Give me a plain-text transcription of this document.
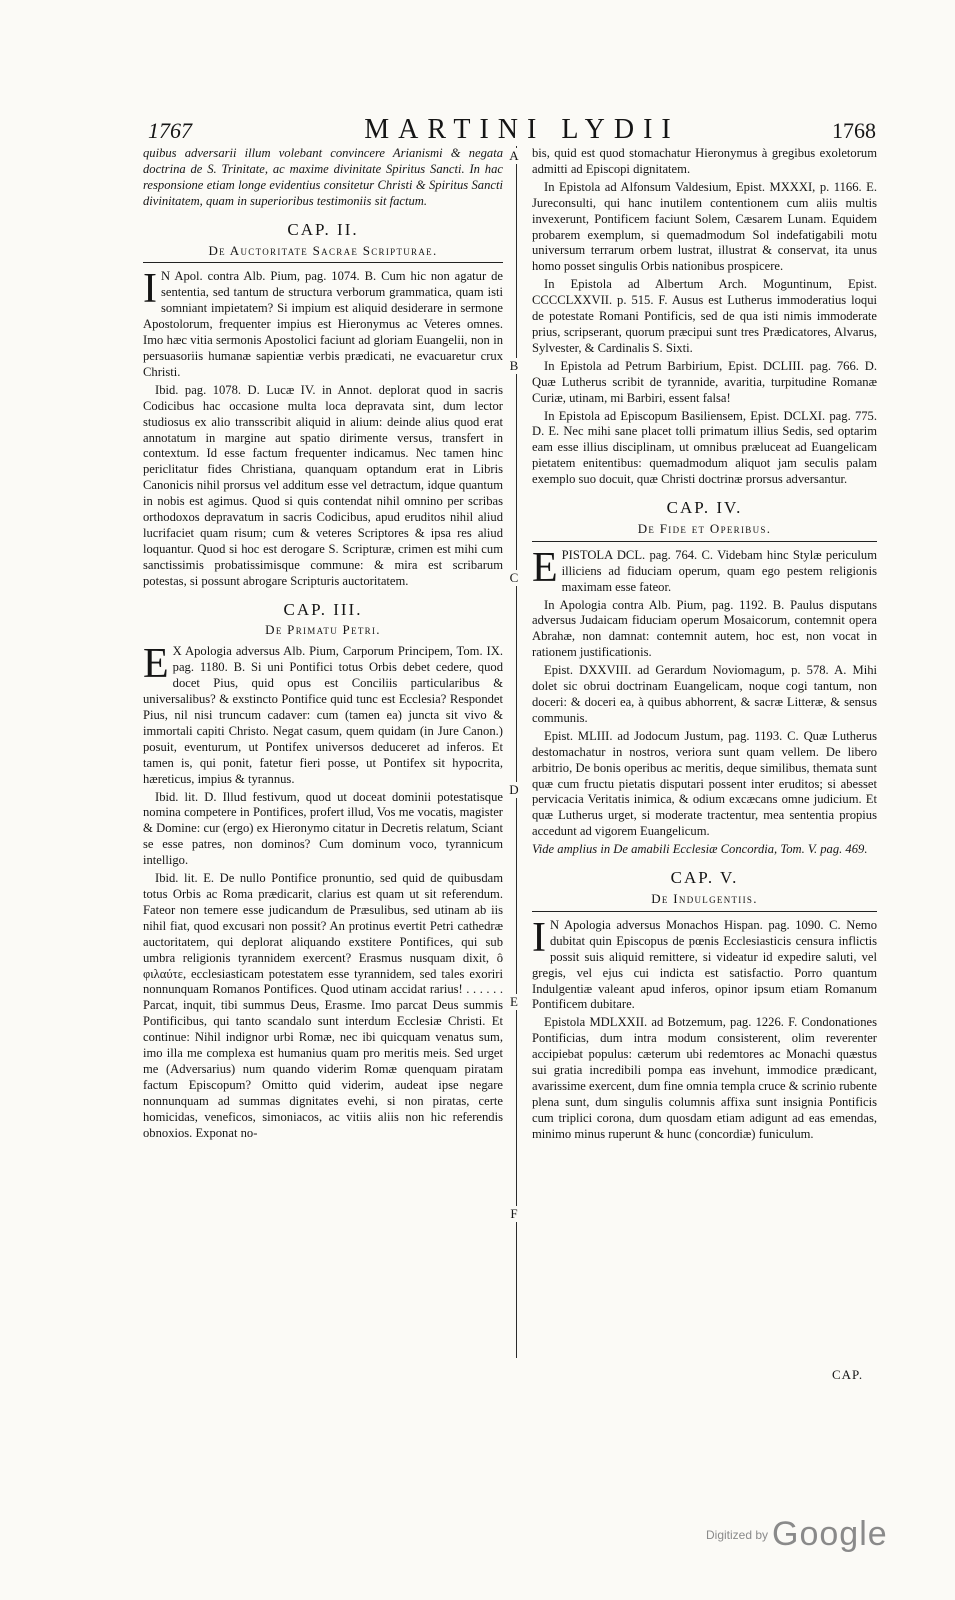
1767	MARTINI LYDII	1768
A
B
C
D
E
F

quibus adversarii illum volebant convincere Arianismi & negata doctrina de S. Trinitate, ac maxime divinitate Spiritus Sancti. In hac responsione etiam longe evidentius consitetur Christi & Spiritus Sancti divinitatem, quam in superioribus testimoniis sit factum.

CAP. II.
De Auctoritate Sacrae Scripturae.

I N Apol. contra Alb. Pium, pag. 1074. B. Cum hic non agatur de sententia, sed tantum de structura verborum grammatica, quam isti somniant impietatem? Si impium est aliquid desiderare in sermone Apostolorum, frequenter impius est Hieronymus ac Veteres omnes. Imo hæc vitia sermonis Apostolici faciunt ad gloriam Euangelii, non in persuasoriis humanæ sapientiæ verbis prædicati, ne evacuaretur crux Christi.

Ibid. pag. 1078. D. Lucæ IV. in Annot. deplorat quod in sacris Codicibus hac occasione multa loca depravata sint, dum lector studiosus ex alio transscribit aliquid in alium: deinde alius quod erat annotatum in margine aut spatio dirimente versus, transfert in contextum. Id esse factum frequenter indicamus. Nec tamen hinc periclitatur fides Christiana, quanquam optandum erat in Libris Canonicis nihil prorsus vel additum esse vel detractum, idque quantum in nobis est agimus. Quod si quis contendat nihil omnino per scribas orthodoxos depravatum in sacris Codicibus, apud eruditos nihil aliud lucrifaciet quam risum; cum & veteres Scriptores & ipsa res aliud loquantur. Quod si hoc est derogare S. Scripturæ, crimen est mihi cum sanctissimis probatissimisque commune: & mira est scribarum potestas, si possunt abrogare Scripturis auctoritatem.

CAP. III.
De Primatu Petri.

E X Apologia adversus Alb. Pium, Carporum Principem, Tom. IX. pag. 1180. B. Si uni Pontifici totus Orbis debet cedere, quod docet Pius, quid opus est Conciliis particularibus & universalibus? & exstincto Pontifice quid tunc est Ecclesia? Respondet Pius, nil nisi truncum cadaver: cum (tamen ea) juncta sit vivo & immortali capiti Christo. Negat casum, quem quidam (in Jure Canon.) posuit, eventurum, ut Pontifex universos deduceret ad inferos. Et tamen is, qui ponit, fatetur fieri posse, ut Pontifex sit hypocrita, hæreticus, impius & tyrannus.

Ibid. lit. D. Illud festivum, quod ut doceat dominii potestatisque nomina competere in Pontifices, profert illud, Vos me vocatis, magister & Domine: cur (ergo) ex Hieronymo citatur in Decretis relatum, Sciant se esse patres, non dominos? Cum dominum voco, tyrannicum intelligo.

Ibid. lit. E. De nullo Pontifice pronuntio, sed quid de quibusdam totus Orbis ac Roma prædicarit, clarius est quam ut sit referendum. Fateor non temere esse judicandum de Præsulibus, sed utinam ab iis nihil fiat, quod excusari non possit? An protinus evertit Petri cathedræ auctoritatem, qui deplorat aliquando exstitere Pontifices, qui sub umbra religionis tyrannidem exercent? Erasmus nusquam dixit, ô φιλαύτε, ecclesiasticam potestatem esse tyrannidem, sed tales exoriri nonnunquam Romanos Pontifices. Quod utinam accidat rarius! . . . . . . Parcat, inquit, tibi summus Deus, Erasme. Imo parcat Deus summis Pontificibus, qui tanto scandalo sunt interdum Ecclesiæ Christi. Et continue: Nihil indignor urbi Romæ, nec ibi quicquam venatus sum, imo illa me complexa est humanius quam pro meritis meis. Sed urget me (Adversarius) num quando viderim Romæ quenquam piratam factum Episcopum? Omitto quid viderim, audeat ipse negare nonnunquam ad summas dignitates evehi, si non piratas, certe homicidas, veneficos, simoniacos, ac vitiis aliis non hic referendis obnoxios. Exponat no-

bis, quid est quod stomachatur Hieronymus à gregibus exoletorum admitti ad Episcopi dignitatem.

In Epistola ad Alfonsum Valdesium, Epist. MXXXI, p. 1166. E. Jureconsulti, qui hanc inutilem contentionem cum aliis multis invexerunt, Pontificem faciunt Solem, Cæsarem Lunam. Equidem probarem exemplum, si quemadmodum Sol indefatigabili motu universum terrarum orbem lustrat, illustrat & conservat, ita unus homo posset singulis Orbis nationibus prospicere.

In Epistola ad Albertum Arch. Moguntinum, Epist. CCCCLXXVII. p. 515. F. Ausus est Lutherus immoderatius loqui de potestate Romani Pontificis, sed de qua isti nimis immoderate prius, scripserant, quorum præcipui sunt tres Prædicatores, Alvarus, Sylvester, & Cardinalis S. Sixti.

In Epistola ad Petrum Barbirium, Epist. DCLIII. pag. 766. D. Quæ Lutherus scribit de tyrannide, avaritia, turpitudine Romanæ Curiæ, utinam, mi Barbiri, essent falsa!

In Epistola ad Episcopum Basiliensem, Epist. DCLXI. pag. 775. D. E. Nec mihi sane placet tolli primatum illius Sedis, sed optarim eam esse illius disciplinam, ut omnibus præluceat ad Euangelicam pietatem enitentibus: quemadmodum aliquot jam seculis palam exemplo suo docuit, quæ Christi doctrinæ prorsus adversantur.

CAP. IV.
De Fide et Operibus.

EPISTOLA DCL. pag. 764. C. Videbam hinc Stylæ periculum illiciens ad fiduciam operum, quam ego pestem religionis maximam esse fateor.

In Apologia contra Alb. Pium, pag. 1192. B. Paulus disputans adversus Judaicam fiduciam operum Mosaicorum, contemnit opera Abrahæ, non damnat: contemnit autem, hoc est, non vocat in rationem justificationis.

Epist. DXXVIII. ad Gerardum Noviomagum, p. 578. A. Mihi dolet sic obrui doctrinam Euangelicam, noque cogi tantum, non doceri: & doceri ea, à quibus abhorrent, & sacræ Litteræ, & sensus communis.

Epist. MLIII. ad Jodocum Justum, pag. 1193. C. Quæ Lutherus destomachatur in nostros, veriora sunt quam vellem. De libero arbitrio, De bonis operibus ac meritis, deque similibus, themata sunt quæ cum fructu pietatis disputari possent inter eruditos; si abesset pervicacia Veritatis inimica, & odium excæcans omne judicium. Et quæ Lutherus urget, si moderate tractentur, mea sententia propius accedunt ad vigorem Euangelicum.

Vide amplius in De amabili Ecclesiæ Concordia, Tom. V. pag. 469.

CAP. V.
De Indulgentiis.

I N Apologia adversus Monachos Hispan. pag. 1090. C. Nemo dubitat quin Episcopus de pœnis Ecclesiasticis censura inflictis possit suis aliquid remittere, si videatur id expedire saluti, vel gregis, vel ejus cui indicta est satisfactio. Porro quantum Indulgentiæ valeant apud inferos, opinor ipsum etiam Romanum Pontificem dubitare.

Epistola MDLXXII. ad Botzemum, pag. 1226. F. Condonationes Pontificias, dum intra modum consisterent, olim reverenter accipiebat populus: cæterum ubi redemtores ac Monachi quæstus sui gratia incredibili pompa eas invehunt, immodice prædicant, avarissime exercent, dum fine omnia templa cruce & scrinio rubente plena sunt, dum singulis columnis affixa sunt insignia Pontificis cum triplici corona, dum quosdam etiam adigunt ad eas emendas, minimo minus ruperunt & hunc (concordiæ) funiculum.

CAP.
$^{Digitized by}$ Google
